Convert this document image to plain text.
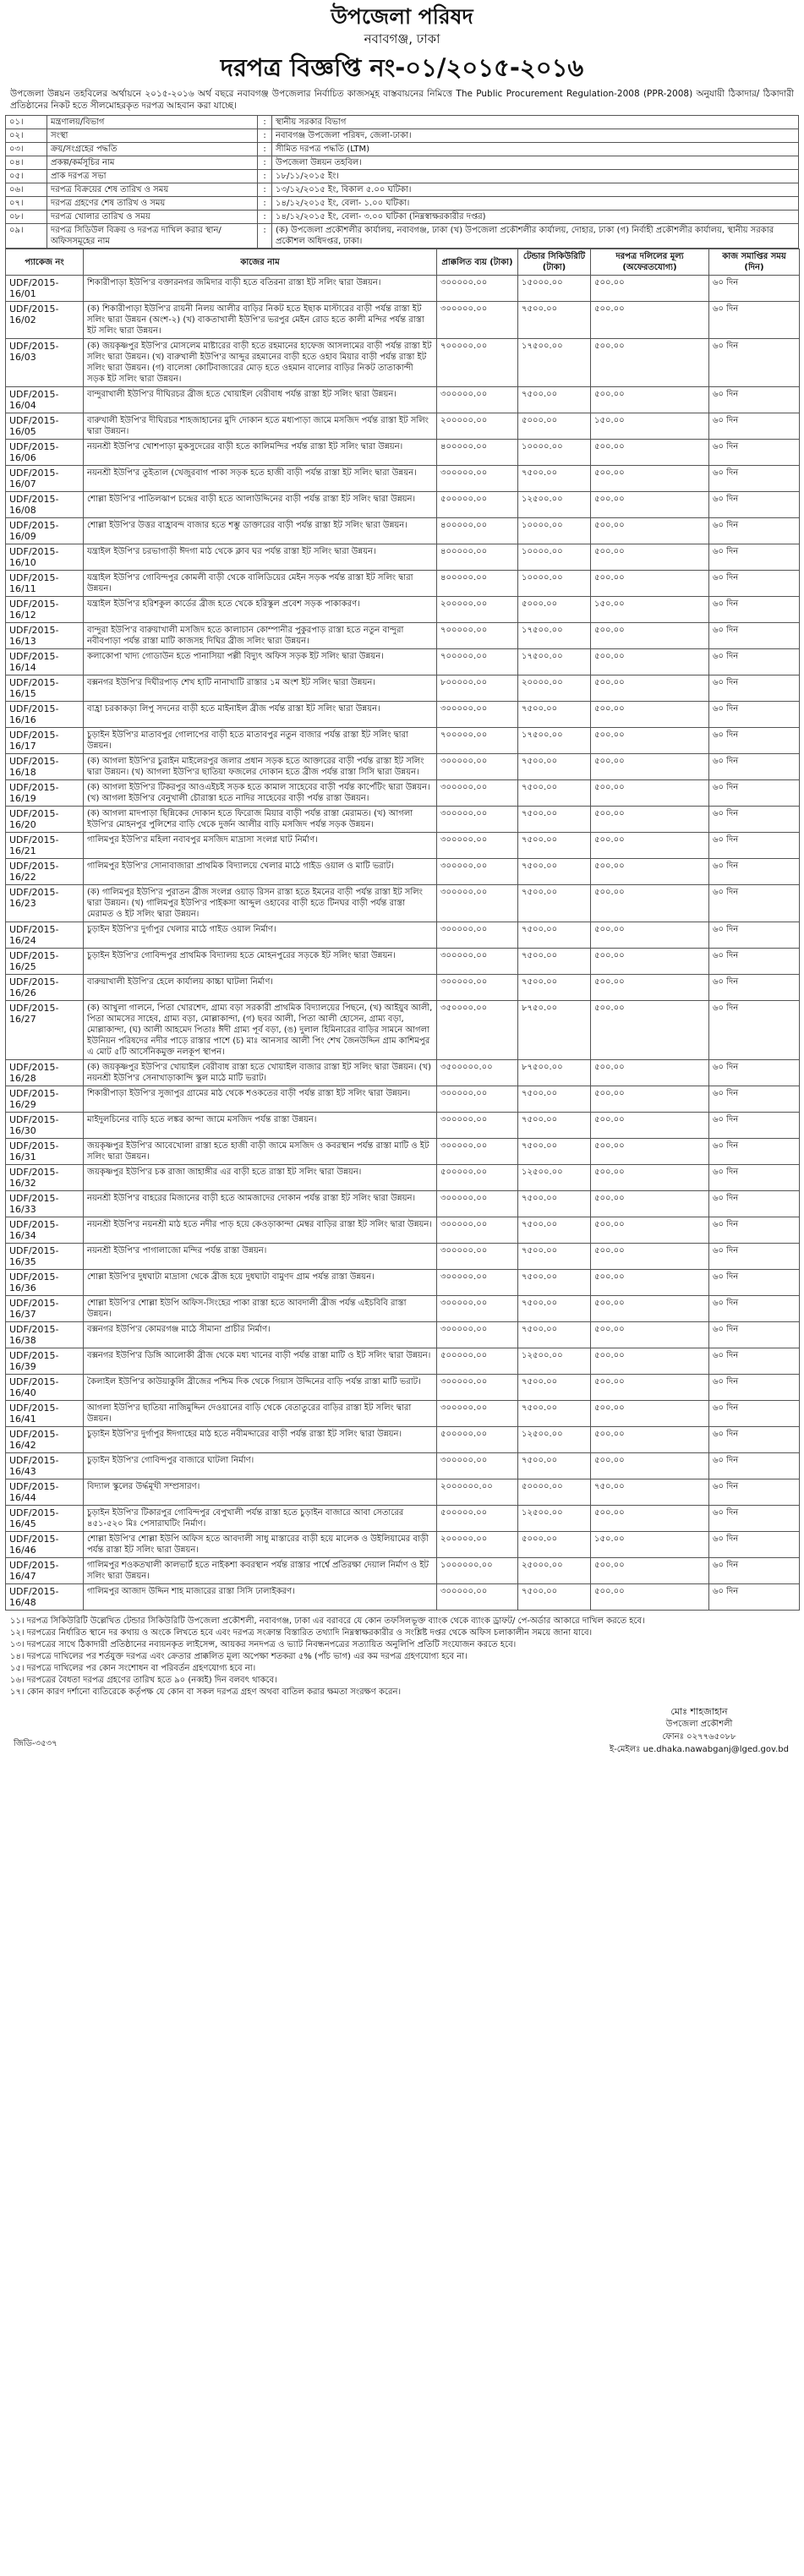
উপজেলা পরিষদ

নবাবগঞ্জ, ঢাকা

দরপত্র বিজ্ঞপ্তি নং-০১/২০১৫-২০১৬

উপজেলা উন্নয়ন তহবিলের অর্থায়নে ২০১৫-২০১৬ অর্থ বছরে নবাবগঞ্জ উপজেলার নির্বাচিত কাজসমূহ বাস্তবায়নের নিমিত্তে The Public Procurement Regulation-2008 (PPR-2008) অনুযায়ী ঠিকাদার/ ঠিকাদারী প্রতিষ্ঠানের নিকট হতে সীলমোহরকৃত দরপত্র আহবান করা যাচ্ছে।

০১।	মন্ত্রণালয়/বিভাগ	:	স্থানীয় সরকার বিভাগ
০২।	সংস্থা	:	নবাবগঞ্জ উপজেলা পরিষদ, জেলা-ঢাকা।
০৩।	ক্রয়/সংগ্রহের পদ্ধতি	:	সীমিত দরপত্র পদ্ধতি (LTM)
০৪।	প্রকল্প/কর্মসূচির নাম	:	উপজেলা উন্নয়ন তহবিল।
০৫।	প্রাক দরপত্র সভা	:	১৮/১১/২০১৫ ইং।
০৬।	দরপত্র বিক্রয়ের শেষ তারিখ ও সময়	:	১৩/১২/২০১৫ ইং, বিকাল ৫.০০ ঘটিকা।
০৭।	দরপত্র গ্রহণের শেষ তারিখ ও সময়	:	১৪/১২/২০১৫ ইং, বেলা- ১.০০ ঘটিকা।
০৮।	দরপত্র খোলার তারিখ ও সময়	:	১৪/১২/২০১৫ ইং, বেলা- ৩.০০ ঘটিকা (নিম্নস্বাক্ষরকারীর দপ্তর)
০৯।	দরপত্র সিডিউল বিক্রয় ও দরপত্র দাখিল করার স্থান/অফিসসমূহের নাম	:	(ক) উপজেলা প্রকৌশলীর কার্যালয়, নবাবগঞ্জ, ঢাকা (খ) উপজেলা প্রকৌশলীর কার্যালয়, দোহার, ঢাকা (গ) নির্বাহী প্রকৌশলীর কার্যালয়, স্থানীয় সরকার প্রকৌশল অধিদপ্তর, ঢাকা।
প্যাকেজ নং	কাজের নাম	প্রাক্কলিত ব্যয় (টাকা)	টেন্ডার সিকিউরিটি (টাকা)	দরপত্র দলিলের মূল্য (অফেরতযোগ্য)	কাজ সমাপ্তির সময় (দিন)
UDF/2015-16/01	শিকারীপাড়া ইউপি'র বক্তারনগর জমিদার বাড়ী হতে বতিরনা রাস্তা ইট সলিং দ্বারা উন্নয়ন।	৩০০০০০.০০	১৫০০০.০০	৫০০.০০	৬০ দিন
UDF/2015-16/02	(ক) শিকারীপাড়া ইউপি'র রায়নী নিলয় আলীর বাড়ির নিকট হতে ইছাক মাস্টারের বাড়ী পর্যন্ত রাস্তা ইট সলিং দ্বারা উন্নয়ন (অংশ-২) (খ) বাকতাখালী ইউপি'র ভরপুর মেইন রোড হতে কালী মন্দির পর্যন্ত রাস্তা ইট সলিং দ্বারা উন্নয়ন।	৩০০০০০.০০	৭৫০০.০০	৫০০.০০	৬০ দিন
UDF/2015-16/03	(ক) জয়কৃষ্ণপুর ইউপি'র মোসলেম মাষ্টারের বাড়ী হতে রহমানের হাফেজ আসলামের বাড়ী পর্যন্ত রাস্তা ইট সলিং দ্বারা উন্নয়ন। (খ) বারুখালী ইউপি'র আব্দুর রহমানের বাড়ী হতে ওহাব মিয়ার বাড়ী পর্যন্ত রাস্তা ইট সলিং দ্বারা উন্নয়ন। (গ) বালেঙ্গা কোটিবাজারের মোড় হতে ওহমান বালোর বাড়ির নিকট তাতাকান্দী সড়ক ইট সলিং দ্বারা উন্নয়ন।	৭০০০০০.০০	১৭৫০০.০০	৫০০.০০	৬০ দিন
UDF/2015-16/04	বান্দুরাখালী ইউপি'র দীঘিরচর ব্রীজ হতে খোয়াইল বেরীবাধ পর্যন্ত রাস্তা ইট সলিং দ্বারা উন্নয়ন।	৩০০০০০.০০	৭৫০০.০০	৫০০.০০	৬০ দিন
UDF/2015-16/05	বারুখালী ইউপি'র দীঘিরচর শাহজাহানের মুদি দোকান হতে মধ্যপাড়া জামে মসজিদ পর্যন্ত রাস্তা ইট সলিং দ্বারা উন্নয়ন।	২০০০০০.০০	৫০০০.০০	১৫০.০০	৬০ দিন
UDF/2015-16/06	নয়নশ্রী ইউপি'র খোশপাড়া মুকসুদেরের বাড়ী হতে কালিমন্দির পর্যন্ত রাস্তা ইট সলিং দ্বারা উন্নয়ন।	৪০০০০০.০০	১০০০০.০০	৫০০.০০	৬০ দিন
UDF/2015-16/07	নয়নশ্রী ইউপি'র তুইতাল (খেজুরবাগ পাকা সড়ক হতে হাজী বাড়ী পর্যন্ত রাস্তা ইট সলিং দ্বারা উন্নয়ন।	৩০০০০০.০০	৭৫০০.০০	৫০০.০০	৬০ দিন
UDF/2015-16/08	শোল্লা ইউপি'র পাতিলঝাপ চন্দ্রের বাড়ী হতে আলাউদ্দিনের বাড়ী পর্যন্ত রাস্তা ইট সলিং দ্বারা উন্নয়ন।	৫০০০০০.০০	১২৫০০.০০	৫০০.০০	৬০ দিন
UDF/2015-16/09	শোল্লা ইউপি'র উত্তর বাহ্রাবন্দ বাজার হতে শম্ভু ডাক্তারের বাড়ী পর্যন্ত রাস্তা ইট সলিং দ্বারা উন্নয়ন।	৪০০০০০.০০	১০০০০.০০	৫০০.০০	৬০ দিন
UDF/2015-16/10	যন্ত্রাইল ইউপি'র চরভাগাড়ী ঈদগা মাঠ থেকে ক্লাব ঘর পর্যন্ত রাস্তা ইট সলিং দ্বারা উন্নয়ন।	৪০০০০০.০০	১০০০০.০০	৫০০.০০	৬০ দিন
UDF/2015-16/11	যন্ত্রাইল ইউপি'র গোবিন্দপুর কোমলী বাড়ী থেকে বালিডিয়ের মেইন সড়ক পর্যন্ত রাস্তা ইট সলিং দ্বারা উন্নয়ন।	৪০০০০০.০০	১০০০০.০০	৫০০.০০	৬০ দিন
UDF/2015-16/12	যন্ত্রাইল ইউপি'র হরিশকুল কার্ডের ব্রীজ হতে খেকে হরিস্কুল প্রবেশ সড়ক পাকাকরণ।	২০০০০০.০০	৫০০০.০০	১৫০.০০	৬০ দিন
UDF/2015-16/13	বান্দুরা ইউপি'র বারুয়াখালী মসজিদ হতে কালাচান কোম্পানীর পুকুরপাড় রাস্তা হতে নতুন বান্দুরা নবীবপাড়া পর্যন্ত রাস্তা মাটি কাজসহ দিঘির ব্রীজ সলিং দ্বারা উন্নয়ন।	৭০০০০০.০০	১৭৫০০.০০	৫০০.০০	৬০ দিন
UDF/2015-16/14	কলাকোপা খাদ্য গোডাউন হতে পানাসিয়া পল্লী বিদ্যুৎ অফিস সড়ক ইট সলিং দ্বারা উন্নয়ন।	৭০০০০০.০০	১৭৫০০.০০	৫০০.০০	৬০ দিন
UDF/2015-16/15	বক্সনগর ইউপি'র দিঘীরপাড় শেখ হাটি নানাখাটি রাস্তার ১ম অংশ ইট সলিং দ্বারা উন্নয়ন।	৮০০০০০.০০	২০০০০.০০	৫০০.০০	৬০ দিন
UDF/2015-16/16	বাহ্রা চরকাকড়া লিপু সদনের বাড়ী হতে মাইনাইল ব্রীজ পর্যন্ত রাস্তা ইট সলিং দ্বারা উন্নয়ন।	৩০০০০০.০০	৭৫০০.০০	৫০০.০০	৬০ দিন
UDF/2015-16/17	চুড়াইন ইউপি'র মাতাবপুর গোলাপের বাড়ী হতে মাতাবপুর নতুন বাজার পর্যন্ত রাস্তা ইট সলিং দ্বারা উন্নয়ন।	৭০০০০০.০০	১৭৫০০.০০	৫০০.০০	৬০ দিন
UDF/2015-16/18	(ক) আগলা ইউপি'র চুরাইন মাইলেরপুর জলার প্রধান সড়ক হতে আক্তারের বাড়ী পর্যন্ত রাস্তা ইট সলিং দ্বারা উন্নয়ন। (খ) আগলা ইউপি'র ছাতিয়া ফজলের দোকান হতে ব্রীজ পর্যন্ত রাস্তা সিসি দ্বারা উন্নয়ন।	৩০০০০০.০০	৭৫০০.০০	৫০০.০০	৬০ দিন
UDF/2015-16/19	(ক) আগলা ইউপি'র টিকরপুর আওএইচই সড়ক হতে কামাল সাহেবের বাড়ী পর্যন্ত কার্পেটিং দ্বারা উন্নয়ন। (খ) আগলা ইউপি'র বেনুখালী চৌরাস্তা হতে নাদির সাহেবের বাড়ী পর্যন্ত রাস্তা উন্নয়ন।	৩০০০০০.০০	৭৫০০.০০	৫০০.০০	৬০ দিন
UDF/2015-16/20	(ক) আগলা মাদপাড়া ছিন্নিকের দোকান হতে ফিরোজ মিয়ার বাড়ী পর্যন্ত রাস্তা মেরামত। (খ) আগলা ইউপি'র মোহনপুর পুলিশের বাড়ি থেকে দুর্জন আলীর বাড়ি মসজিদ পর্যন্ত সড়ক উন্নয়ন।	৩০০০০০.০০	৭৫০০.০০	৫০০.০০	৬০ দিন
UDF/2015-16/21	গালিমপুর ইউপি'র মহিলা নবাবপুর মসজিদ মাদ্রাসা সংলগ্ন ঘাট নির্মাণ।	৩০০০০০.০০	৭৫০০.০০	৫০০.০০	৬০ দিন
UDF/2015-16/22	গালিমপুর ইউপি'র সোনাবাজারা প্রাথমিক বিদ্যালয়ে খেলার মাঠে গাইড ওয়াল ও মাটি ভরাট।	৩০০০০০.০০	৭৫০০.০০	৫০০.০০	৬০ দিন
UDF/2015-16/23	(ক) গালিমপুর ইউপি'র পুরাতন ব্রীজ সংলগ্ন ওয়াড় রিসন রাস্তা হতে ইমনের বাড়ী পর্যন্ত রাস্তা ইট সলিং দ্বারা উন্নয়ন। (খ) গালিমপুর ইউপি'র পাইকসা আব্দুল ওহাবের বাড়ী হতে টিনঘর বাড়ী পর্যন্ত রাস্তা মেরামত ও ইট সলিং দ্বারা উন্নয়ন।	৩০০০০০.০০	৭৫০০.০০	৫০০.০০	৬০ দিন
UDF/2015-16/24	চুড়াইন ইউপি'র দুর্গাপুর খেলার মাঠে গাইড ওয়াল নির্মাণ।	৩০০০০০.০০	৭৫০০.০০	৫০০.০০	৬০ দিন
UDF/2015-16/25	চুড়াইন ইউপি'র গোবিন্দপুর প্রাথমিক বিদ্যালয় হতে মোহনপুরের সড়কে ইট সলিং দ্বারা উন্নয়ন।	৩০০০০০.০০	৭৫০০.০০	৫০০.০০	৬০ দিন
UDF/2015-16/26	বারুয়াখালী ইউপি'র হেলে কার্যালয় কাচ্চা ঘাটলা নির্মাণ।	৩০০০০০.০০	৭৫০০.০০	৫০০.০০	৬০ দিন
UDF/2015-16/27	(ক) আখুলা গালনে, পিতা খোরশেদ, গ্রাম্য বড়া সরকারী প্রাথমিক বিদ্যালয়ের পিছনে, (খ) আইয়ুব আলী, পিতা আমসের সাহেব, গ্রাম্য বড়া, মোল্লাকান্দা, (গ) ছবর আলী, পিতা আলী হোসেন, গ্রাম্য বড়া, মোল্লাকান্দা, (ঘ) আলী আহমেদ পিতাঃ ঈদী গ্রাম্য পূর্ব বড়া, (ঙ) দুলাল হিমিনারের বাড়ির সামনে আগলা ইউনিয়ন পরিষদের নদীর পাড়ে রাস্তার পাশে (চ) মাঃ আনসার আলী পিং শেখ জৈনউদ্দিন গ্রাম কাশিমপুর এ মোট ৫টি আর্সেনিকমুক্ত নলকূপ স্থাপন।	৩৫০০০০.০০	৮৭৫০.০০	৫০০.০০	৬০ দিন
UDF/2015-16/28	(ক) জয়কৃষ্ণপুর ইউপি'র খোয়াইল বেরীবাধ রাস্তা হতে খোয়াইল বাজার রাস্তা ইট সলিং দ্বারা উন্নয়ন। (খ) নয়নশ্রী ইউপি'র সেনাখাড়াকান্দি স্কুল মাঠে মাটি ভরাট।	৩৫০০০০০.০০	৮৭৫০০.০০	৫০০.০০	৬০ দিন
UDF/2015-16/29	শিকারীপাড়া ইউপি'র সুজাপুর গ্রামের মাঠ থেকে শওকতের বাড়ী পর্যন্ত রাস্তা ইট সলিং দ্বারা উন্নয়ন।	৩০০০০০.০০	৭৫০০.০০	৫০০.০০	৬০ দিন
UDF/2015-16/30	মাইদুলচিনের বাড়ি হতে লঙ্কর কান্দা জামে মসজিদ পর্যন্ত রাস্তা উন্নয়ন।	৩০০০০০.০০	৭৫০০.০০	৫০০.০০	৬০ দিন
UDF/2015-16/31	জয়কৃষ্ণপুর ইউপি'র আবেখোলা রাস্তা হতে হাজী বাড়ী জামে মসজিদ ও কবরস্থান পর্যন্ত রাস্তা মাটি ও ইট সলিং দ্বারা উন্নয়ন।	৩০০০০০.০০	৭৫০০.০০	৫০০.০০	৬০ দিন
UDF/2015-16/32	জয়কৃষ্ণপুর ইউপি'র চক রাজা জাহাঙ্গীর এর বাড়ী হতে রাস্তা ইট সলিং দ্বারা উন্নয়ন।	৫০০০০০.০০	১২৫০০.০০	৫০০.০০	৬০ দিন
UDF/2015-16/33	নয়নশ্রী ইউপি'র বাহরের মিজানের বাড়ী হতে আমজাদের দোকান পর্যন্ত রাস্তা ইট সলিং দ্বারা উন্নয়ন।	৩০০০০০.০০	৭৫০০.০০	৫০০.০০	৬০ দিন
UDF/2015-16/34	নয়নশ্রী ইউপি'র নয়নশ্রী মাঠ হতে নদীর পাড় হয়ে কেওড়াকান্দা মেম্বর বাড়ির রাস্তা ইট সলিং দ্বারা উন্নয়ন।	৩০০০০০.০০	৭৫০০.০০	৫০০.০০	৬০ দিন
UDF/2015-16/35	নয়নশ্রী ইউপি'র পাগালাজো মন্দির পর্যন্ত রাস্তা উন্নয়ন।	৩০০০০০.০০	৭৫০০.০০	৫০০.০০	৬০ দিন
UDF/2015-16/36	শোল্লা ইউপি'র দুধঘাটা মাদ্রাসা থেকে ব্রীজ হয়ে দুধঘাটা বামুণদ গ্রাম পর্যন্ত রাস্তা উন্নয়ন।	৩০০০০০.০০	৭৫০০.০০	৫০০.০০	৬০ দিন
UDF/2015-16/37	শোল্লা ইউপি'র শোল্লা ইউপি অফিস-সিংহের পাকা রাস্তা হতে আবদালী ব্রীজ পর্যন্ত এইচবিবি রাস্তা উন্নয়ন।	৩০০০০০.০০	৭৫০০.০০	৫০০.০০	৬০ দিন
UDF/2015-16/38	বক্সনগর ইউপি'র কোমরগঞ্জ মাঠে সীমানা প্রাচীর নির্মাণ।	৩০০০০০.০০	৭৫০০.০০	৫০০.০০	৬০ দিন
UDF/2015-16/39	বক্সনগর ইউপি'র ডিঙ্গি আলোকী ব্রীজ থেকে মধ্য খানের বাড়ী পর্যন্ত রাস্তা মাটি ও ইট সলিং দ্বারা উন্নয়ন।	৫০০০০০.০০	১২৫০০.০০	৫০০.০০	৬০ দিন
UDF/2015-16/40	কৈলাইল ইউপি'র কাউয়াকুলি ব্রীজের পশ্চিম দিক থেকে গিয়াস উদ্দিনের বাড়ি পর্যন্ত রাস্তা মাটি ভরাট।	৩০০০০০.০০	৭৫০০.০০	৫০০.০০	৬০ দিন
UDF/2015-16/41	আগলা ইউপি'র ছাতিয়া নাজিমুদ্দিন দেওয়ানের বাড়ি থেকে বেতাতুরের বাড়ির রাস্তা ইট সলিং দ্বারা উন্নয়ন।	৩০০০০০.০০	৭৫০০.০০	৫০০.০০	৬০ দিন
UDF/2015-16/42	চুড়াইন ইউপি'র দুর্গাপুর ঈদগাহের মাঠ হতে নবীমদ্দারের বাড়ী পর্যন্ত রাস্তা ইট সলিং দ্বারা উন্নয়ন।	৫০০০০০.০০	১২৫০০.০০	৫০০.০০	৬০ দিন
UDF/2015-16/43	চুড়াইন ইউপি'র গোবিন্দপুর বাজারে ঘাটলা নির্মাণ।	৩০০০০০.০০	৭৫০০.০০	৫০০.০০	৬০ দিন
UDF/2015-16/44	বিদ্যাল স্কুলের উর্দ্ধমূখী সম্প্রসারণ।	২০০০০০০.০০	৫০০০০.০০	৭৫০.০০	৬০ দিন
UDF/2015-16/45	চুড়াইন ইউপি'র টিকারপুর গোবিন্দপুর বেপুখালী পর্যন্ত রাস্তা হতে চুড়াইন বাজারে আবা সেতারের ৪৫১-৫২০ মিঃ পেসারাঘটিং নির্মাণ।	৫০০০০০.০০	১২৫০০.০০	৫০০.০০	৬০ দিন
UDF/2015-16/46	শোল্লা ইউপি'র শোল্লা ইউপি অফিস হতে আবদালী সাধু মাস্তারের বাড়ী হয়ে মালেক ও উইলিয়ামের বাড়ী পর্যন্ত রাস্তা ইট সলিং দ্বারা উন্নয়ন।	২০০০০০.০০	৫০০০.০০	১৫০.০০	৬০ দিন
UDF/2015-16/47	গালিমপুর শওকতখালী কালভার্ট হতে নাইকশা কবরস্থান পর্যন্ত রাস্তার পার্শ্বে প্রতিরক্ষা দেয়াল নির্মাণ ও ইট সলিং দ্বারা উন্নয়ন।	১০০০০০০.০০	২৫০০০.০০	৫০০.০০	৬০ দিন
UDF/2015-16/48	গালিমপুর আজাদ উদ্দিন শাহ মাজারের রাস্তা সিসি ঢালাইকরণ।	৩০০০০০.০০	৭৫০০.০০	৫০০.০০	৬০ দিন

১১। দরপত্র সিকিউরিটি উল্লেখিত টেন্ডার সিকিউরিটি উপজেলা প্রকৌশলী, নবাবগঞ্জ, ঢাকা এর বরাবরে যে কোন তফসিলভূক্ত ব্যাংক থেকে ব্যাংক ড্রাফট/ পে-অর্ডার আকারে দাখিল করতে হবে।

১২। দরপত্রের নির্ধারিত স্থানে দর কথায় ও অংকে লিখতে হবে এবং দরপত্র সংক্রান্ত বিস্তারিত তথ্যাদি নিম্নস্বাক্ষরকারীর ও সংশ্লিষ্ট দপ্তর থেকে অফিস চলাকালীন সময়ে জানা যাবে।

১৩। দরপত্রের সাথে ঠিকাদারী প্রতিষ্ঠানের নবায়নকৃত লাইসেন্স, আয়কর সনদপত্র ও ভ্যাট নিবন্ধনপত্রের সত্যায়িত অনুলিপি প্রতিটি সংযোজন করতে হবে।

১৪। দরপত্রে দাখিলের পর শর্তযুক্ত দরপত্র এবং ক্রেতার প্রাক্কলিত মূল্য অপেক্ষা শতকরা ৫% (পাঁচ ভাগ) এর কম দরপত্র গ্রহণযোগ্য হবে না।

১৫। দরপত্রে দাখিলের পর কোন সংশোধন বা পরিবর্তন গ্রহণযোগ্য হবে না।

১৬। দরপত্রের বৈধতা দরপত্র গ্রহণের তারিখ হতে ৯০ (নব্বই) দিন বলবৎ থাকবে।

১৭। কোন কারণ দর্শানো ব্যতিরেকে কর্তৃপক্ষ যে কোন বা সকল দরপত্র গ্রহণ অথবা বাতিল করার ক্ষমতা সংরক্ষণ করেন।

জিডি-৩৫৩৭
মোঃ শাহজাহান
উপজেলা প্রকৌশলী
ফোনঃ ০২৭৭৬৫০৮৮
ই-মেইলঃ ue.dhaka.nawabganj@lged.gov.bd
